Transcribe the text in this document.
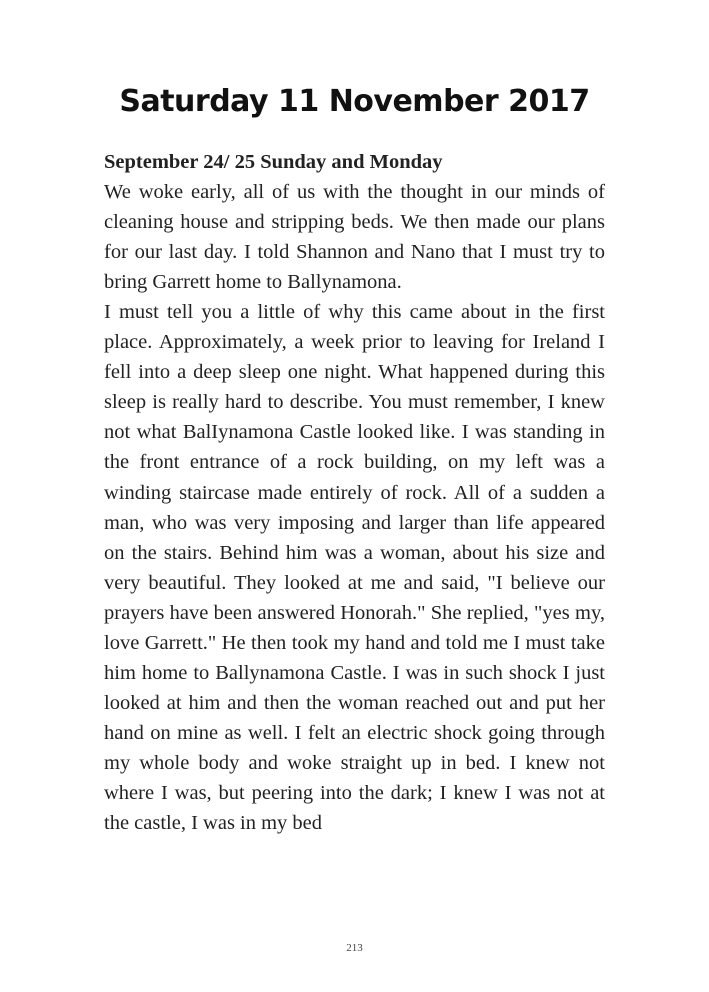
Saturday 11 November 2017

September 24/ 25 Sunday and Monday

We woke early, all of us with the thought in our minds of cleaning house and stripping beds. We then made our plans for our last day. I told Shannon and Nano that I must try to bring Garrett home to Ballynamona.

I must tell you a little of why this came about in the first place. Approximately, a week prior to leaving for Ireland I fell into a deep sleep one night. What happened during this sleep is really hard to describe. You must remember, I knew not what BalIynamona Castle looked like. I was standing in the front entrance of a rock building, on my left was a winding staircase made entirely of rock. All of a sudden a man, who was very imposing and larger than life appeared on the stairs. Behind him was a woman, about his size and very beautiful. They looked at me and said, "I believe our prayers have been answered Honorah." She replied, "yes my, love Garrett." He then took my hand and told me I must take him home to Ballynamona Castle. I was in such shock I just looked at him and then the woman reached out and put her hand on mine as well. I felt an electric shock going through my whole body and woke straight up in bed. I knew not where I was, but peering into the dark; I knew I was not at the castle, I was in my bed

213
